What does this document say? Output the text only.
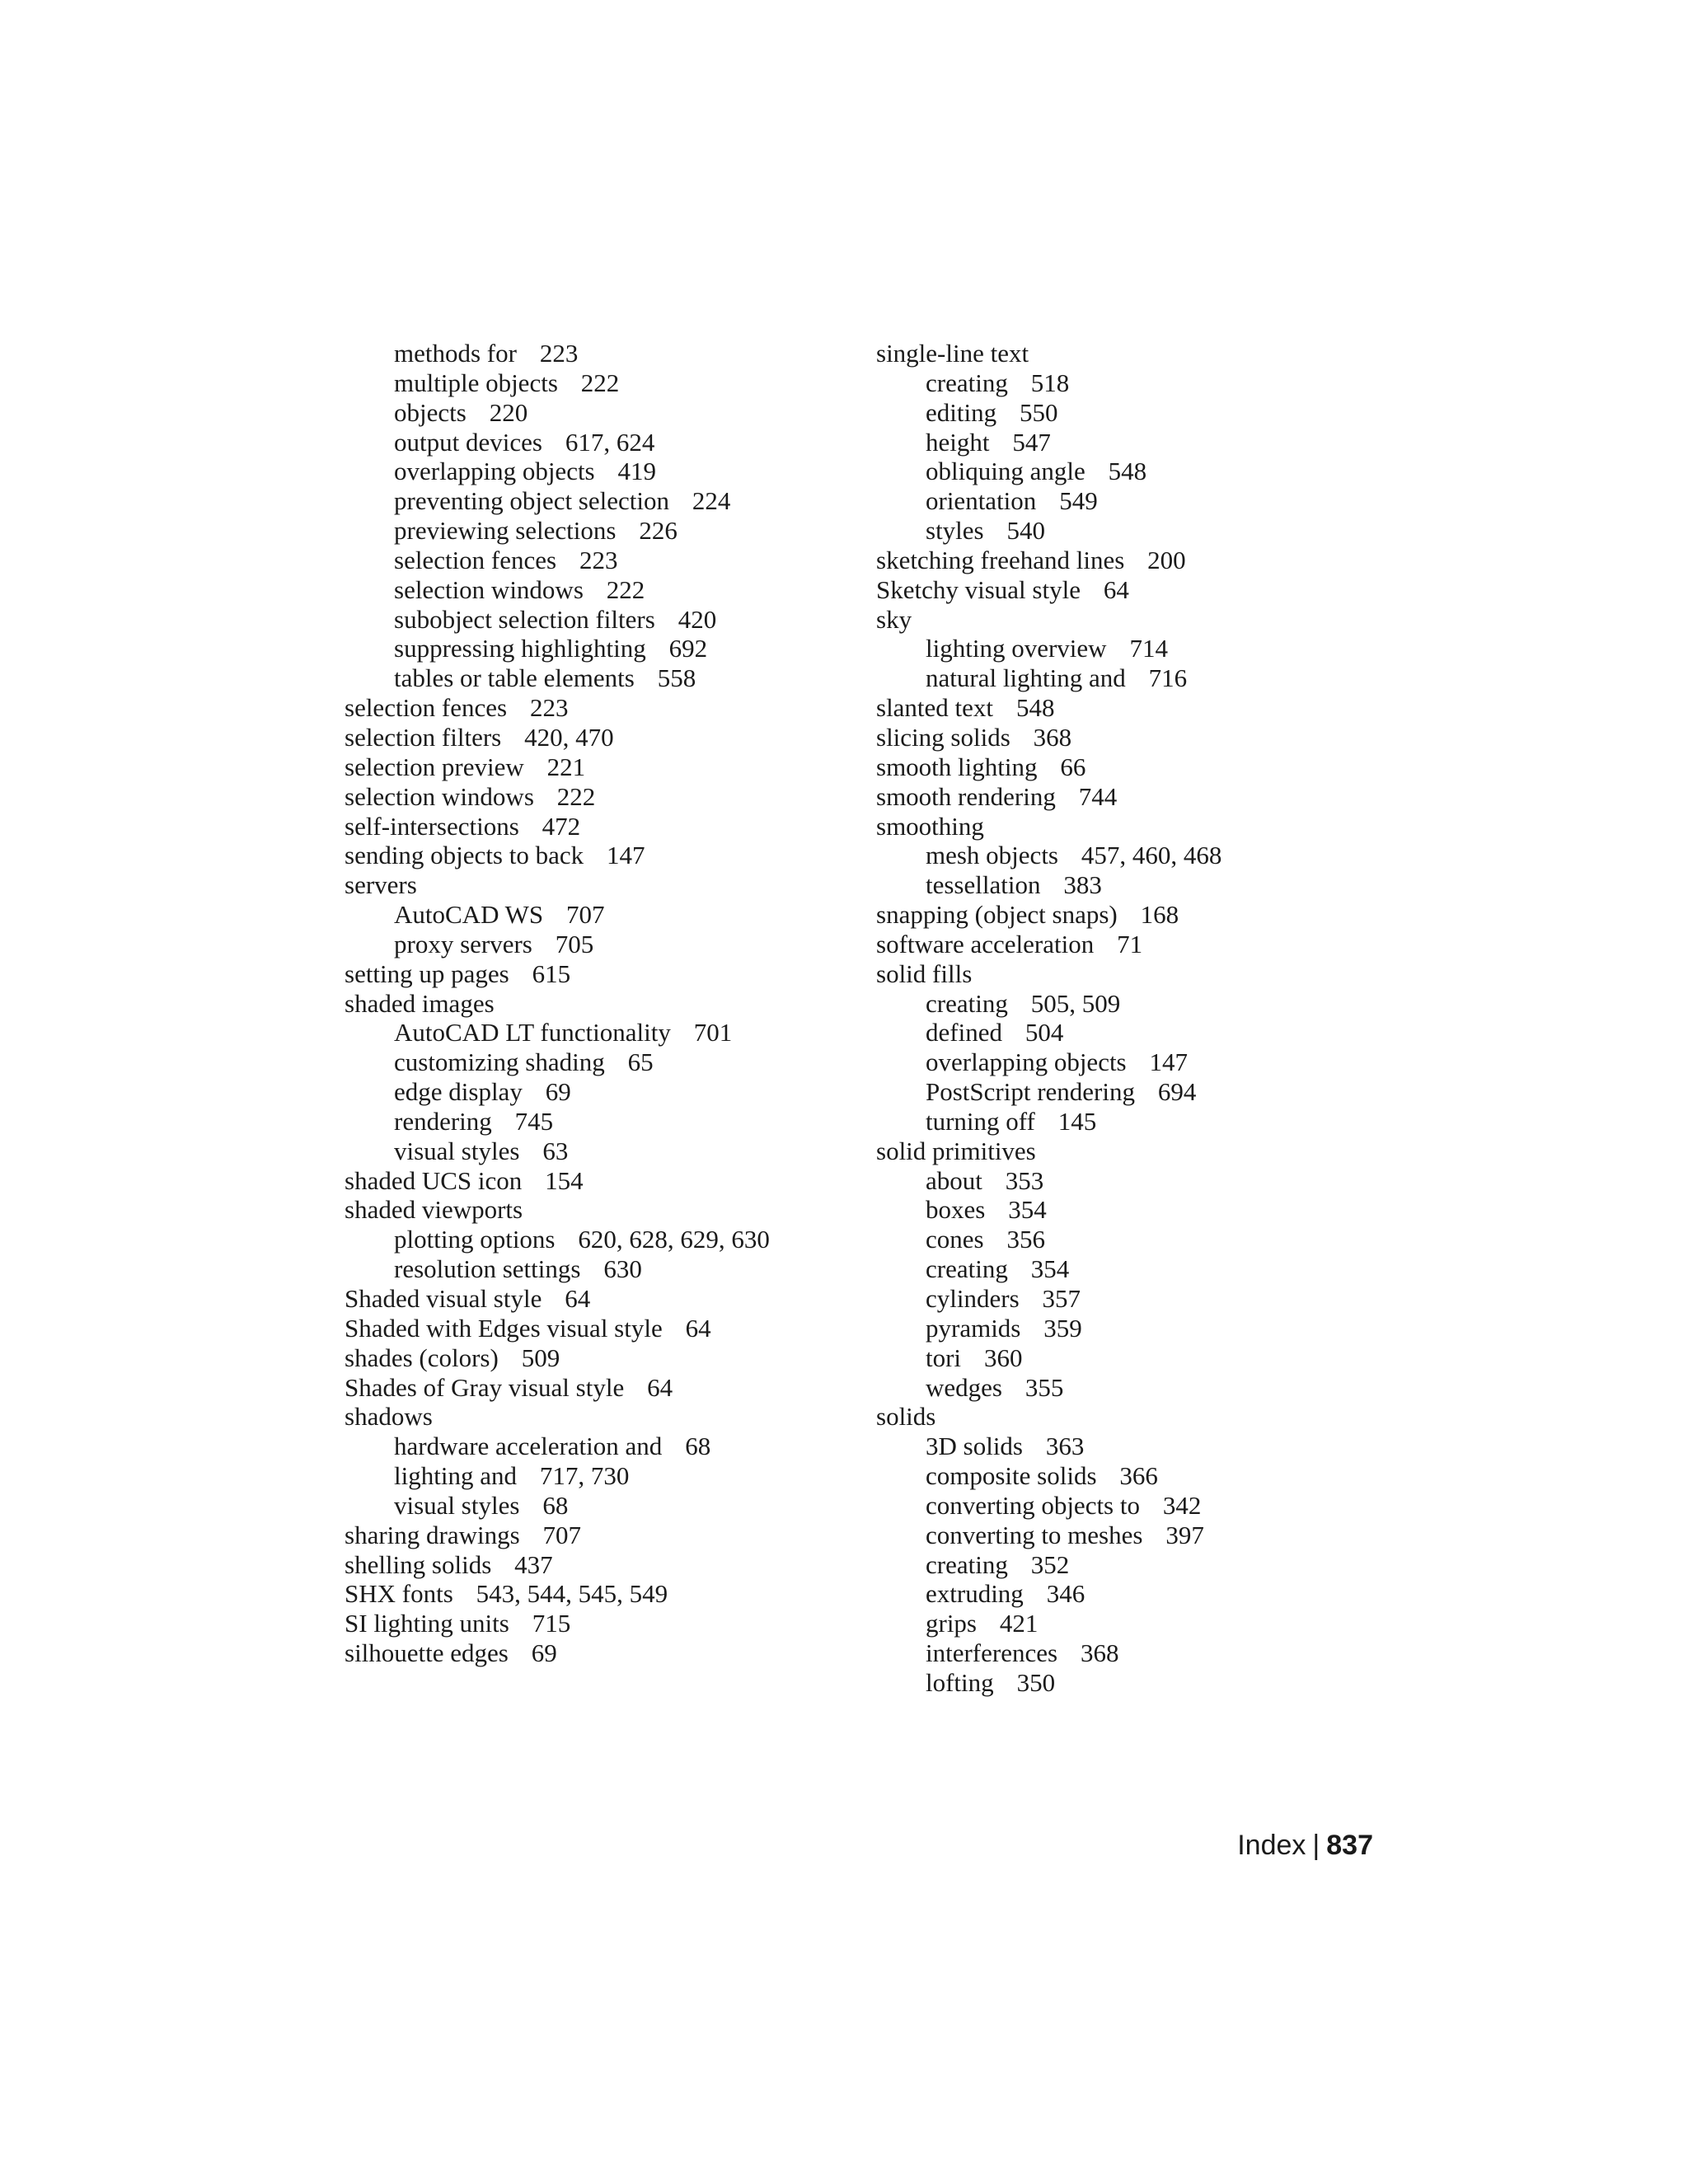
methods for 223
multiple objects 222
objects 220
output devices 617, 624
overlapping objects 419
preventing object selection 224
previewing selections 226
selection fences 223
selection windows 222
subobject selection filters 420
suppressing highlighting 692
tables or table elements 558
selection fences 223
selection filters 420, 470
selection preview 221
selection windows 222
self-intersections 472
sending objects to back 147
servers
AutoCAD WS 707
proxy servers 705
setting up pages 615
shaded images
AutoCAD LT functionality 701
customizing shading 65
edge display 69
rendering 745
visual styles 63
shaded UCS icon 154
shaded viewports
plotting options 620, 628, 629, 630
resolution settings 630
Shaded visual style 64
Shaded with Edges visual style 64
shades (colors) 509
Shades of Gray visual style 64
shadows
hardware acceleration and 68
lighting and 717, 730
visual styles 68
sharing drawings 707
shelling solids 437
SHX fonts 543, 544, 545, 549
SI lighting units 715
silhouette edges 69
single-line text
creating 518
editing 550
height 547
obliquing angle 548
orientation 549
styles 540
sketching freehand lines 200
Sketchy visual style 64
sky
lighting overview 714
natural lighting and 716
slanted text 548
slicing solids 368
smooth lighting 66
smooth rendering 744
smoothing
mesh objects 457, 460, 468
tessellation 383
snapping (object snaps) 168
software acceleration 71
solid fills
creating 505, 509
defined 504
overlapping objects 147
PostScript rendering 694
turning off 145
solid primitives
about 353
boxes 354
cones 356
creating 354
cylinders 357
pyramids 359
tori 360
wedges 355
solids
3D solids 363
composite solids 366
converting objects to 342
converting to meshes 397
creating 352
extruding 346
grips 421
interferences 368
lofting 350
Index | 837
